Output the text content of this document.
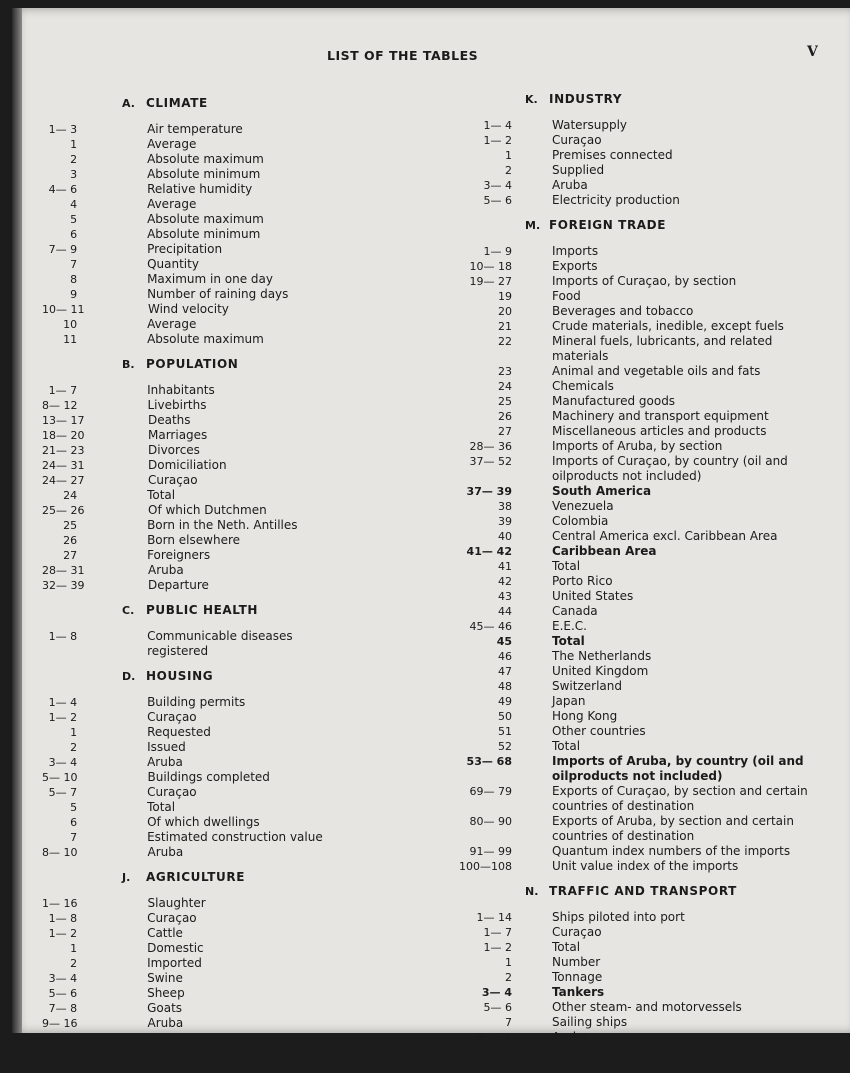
LIST OF THE TABLES	V
A. CLIMATE
1— 3	Air temperature
1	Average
2	Absolute maximum
3	Absolute minimum
4— 6	Relative humidity
4	Average
5	Absolute maximum
6	Absolute minimum
7— 9	Precipitation
7	Quantity
8	Maximum in one day
9	Number of raining days
10— 11	Wind velocity
10	Average
11	Absolute maximum
B. POPULATION
1— 7	Inhabitants
8— 12	Livebirths
13— 17	Deaths
18— 20	Marriages
21— 23	Divorces
24— 31	Domiciliation
24— 27	Curaçao
24	Total
25— 26	Of which Dutchmen
25	Born in the Neth. Antilles
26	Born elsewhere
27	Foreigners
28— 31	Aruba
32— 39	Departure
C. PUBLIC HEALTH
1— 8	Communicable diseases registered
D. HOUSING
1— 4	Building permits
1— 2	Curaçao
1	Requested
2	Issued
3— 4	Aruba
5— 10	Buildings completed
5— 7	Curaçao
5	Total
6	Of which dwellings
7	Estimated construction value
8— 10	Aruba
J.	AGRICULTURE
1— 16	Slaughter
1— 8	Curaçao
1— 2	Cattle
1	Domestic
2	Imported
3— 4	Swine
5— 6	Sheep
7— 8	Goats
9— 16	Aruba
K. INDUSTRY
1— 4	Watersupply
1— 2	Curaçao
1	Premises connected
2	Supplied
3— 4	Aruba
5— 6	Electricity production
M. FOREIGN TRADE
1— 9	Imports
10— 18	Exports
19— 27	Imports of Curaçao, by section
19	Food
20	Beverages and tobacco
21	Crude materials, inedible, except fuels
22	Mineral fuels, lubricants, and related materials
23	Animal and vegetable oils and fats
24	Chemicals
25	Manufactured goods
26	Machinery and transport equipment
27	Miscellaneous articles and products
28— 36	Imports of Aruba, by section
37— 52	Imports of Curaçao, by country (oil and oilproducts not included)
37— 39	South America
38	Venezuela
39	Colombia
40	Central America excl. Caribbean Area
41— 42	Caribbean Area
41	Total
42	Porto Rico
43	United States
44	Canada
45— 46	E.E.C.
45	Total
46	The Netherlands
47	United Kingdom
48	Switzerland
49	Japan
50	Hong Kong
51	Other countries
52	Total
53— 68	Imports of Aruba, by country (oil and oilproducts not included)
69— 79	Exports of Curaçao, by section and certain countries of destination
80— 90	Exports of Aruba, by section and certain countries of destination
91— 99	Quantum index numbers of the imports
100—108	Unit value index of the imports
N. TRAFFIC AND TRANSPORT
1— 14	Ships piloted into port
1— 7	Curaçao
1— 2	Total
1	Number
2	Tonnage
3— 4	Tankers
5— 6	Other steam- and motorvessels
7	Sailing ships
8— 14	Aruba
